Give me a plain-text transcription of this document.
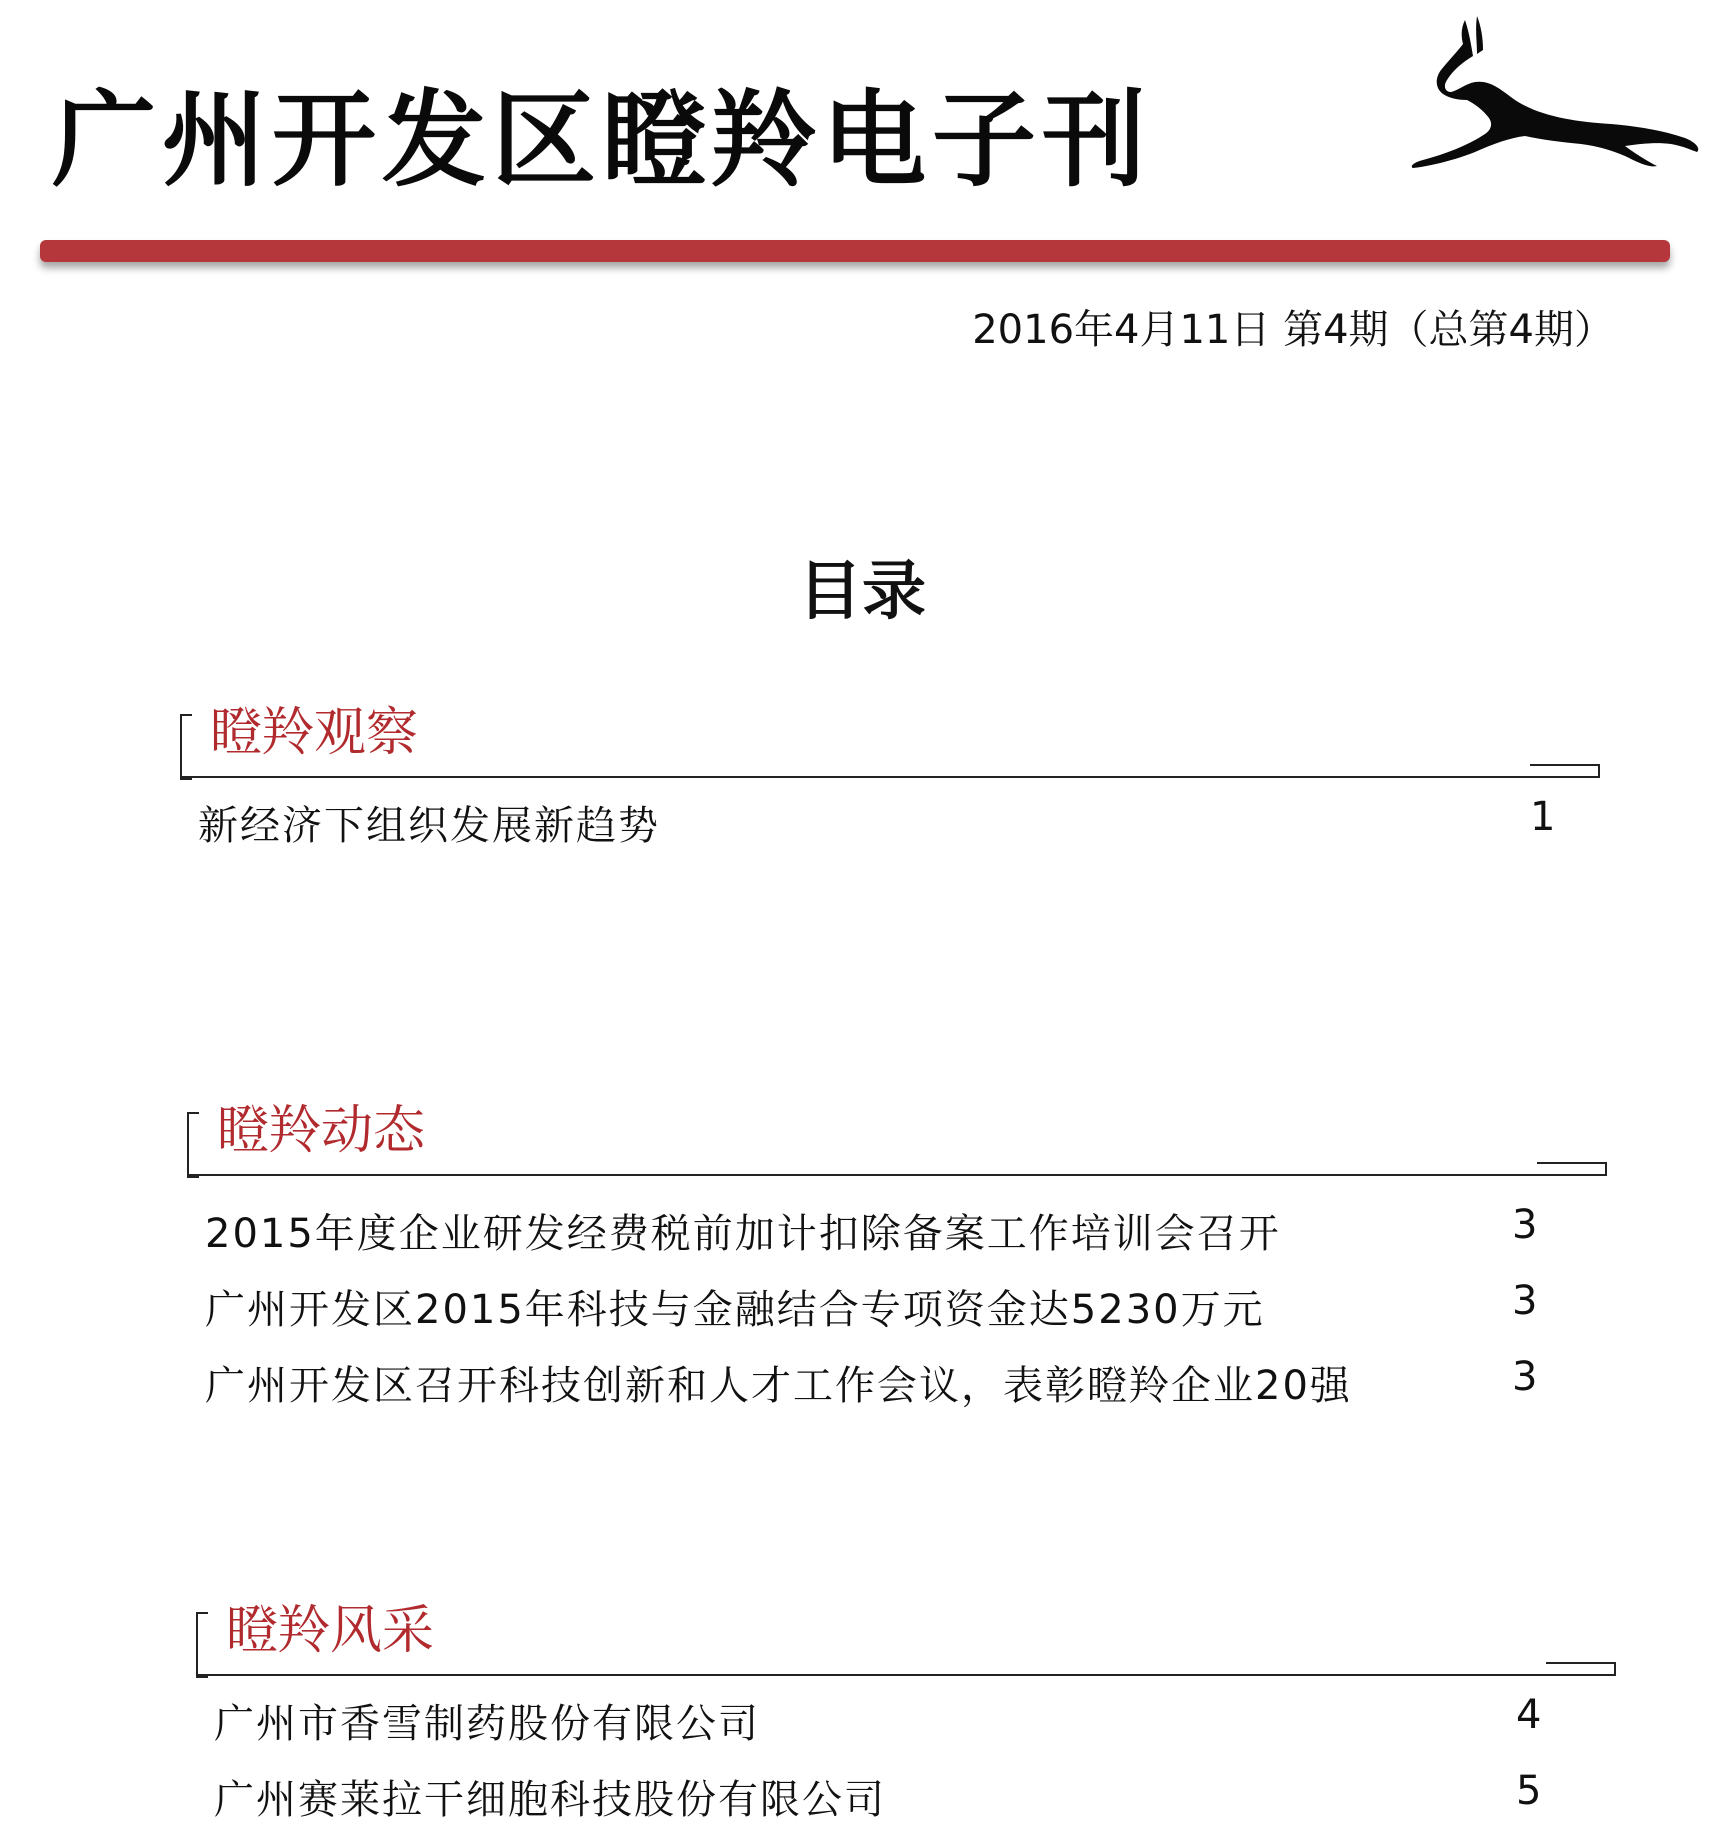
广州开发区瞪羚电子刊
2016年4月11日 第4期（总第4期）
目录
瞪羚观察
新经济下组织发展新趋势	1
瞪羚动态
2015年度企业研发经费税前加计扣除备案工作培训会召开	3
广州开发区2015年科技与金融结合专项资金达5230万元	3
广州开发区召开科技创新和人才工作会议，表彰瞪羚企业20强	3
瞪羚风采
广州市香雪制药股份有限公司	4
广州赛莱拉干细胞科技股份有限公司	5
